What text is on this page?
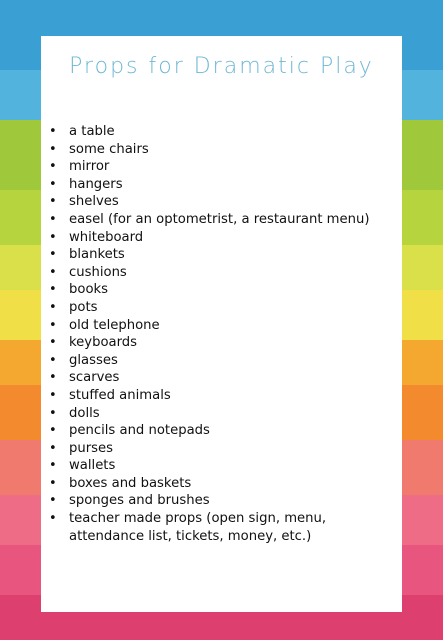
Props for Dramatic Play
• a table
• some chairs
• mirror
• hangers
• shelves
• easel (for an optometrist, a restaurant menu)
• whiteboard
• blankets
• cushions
• books
• pots
• old telephone
• keyboards
• glasses
• scarves
• stuffed animals
• dolls
• pencils and notepads
• purses
• wallets
• boxes and baskets
• sponges and brushes
• teacher made props (open sign, menu, attendance list, tickets, money, etc.)
